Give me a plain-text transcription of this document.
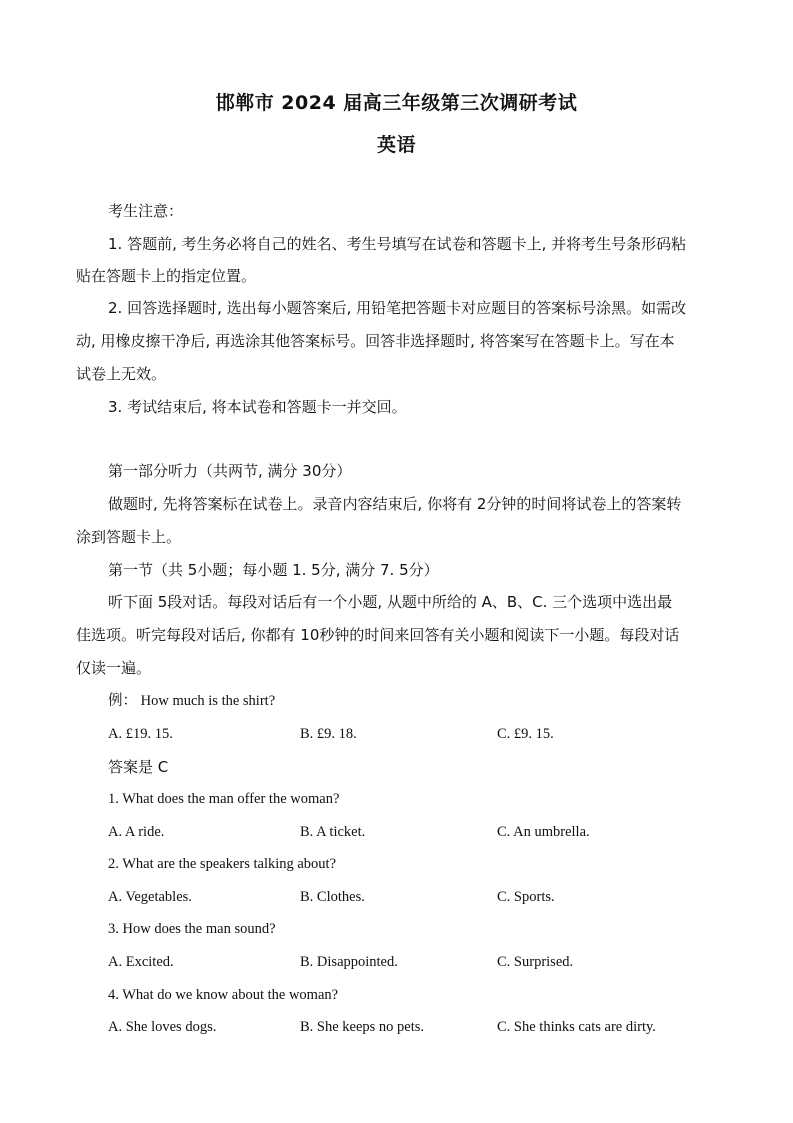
邯郸市 2024 届高三年级第三次调研考试
英语
考生注意：
1. 答题前, 考生务必将自己的姓名、考生号填写在试卷和答题卡上, 并将考生号条形码粘
贴在答题卡上的指定位置。
2. 回答选择题时, 选出每小题答案后, 用铅笔把答题卡对应题目的答案标号涂黑。如需改
动, 用橡皮擦干净后, 再选涂其他答案标号。回答非选择题时, 将答案写在答题卡上。写在本
试卷上无效。
3. 考试结束后, 将本试卷和答题卡一并交回。
第一部分听力（共两节, 满分 30分）
做题时, 先将答案标在试卷上。录音内容结束后, 你将有 2分钟的时间将试卷上的答案转
涂到答题卡上。
第一节（共 5小题；每小题 1. 5分, 满分 7. 5分）
听下面 5段对话。每段对话后有一个小题, 从题中所给的 A、B、C. 三个选项中选出最
佳选项。听完每段对话后, 你都有 10秒钟的时间来回答有关小题和阅读下一小题。每段对话
仅读一遍。
例： How much is the shirt?
A. £19. 15.	B. £9. 18.	C. £9. 15.
答案是 C
1. What does the man offer the woman?
A. A ride.	B. A ticket.	C. An umbrella.
2. What are the speakers talking about?
A. Vegetables.	B. Clothes.	C. Sports.
3. How does the man sound?
A. Excited.	B. Disappointed.	C. Surprised.
4. What do we know about the woman?
A. She loves dogs.	B. She keeps no pets.	C. She thinks cats are dirty.
